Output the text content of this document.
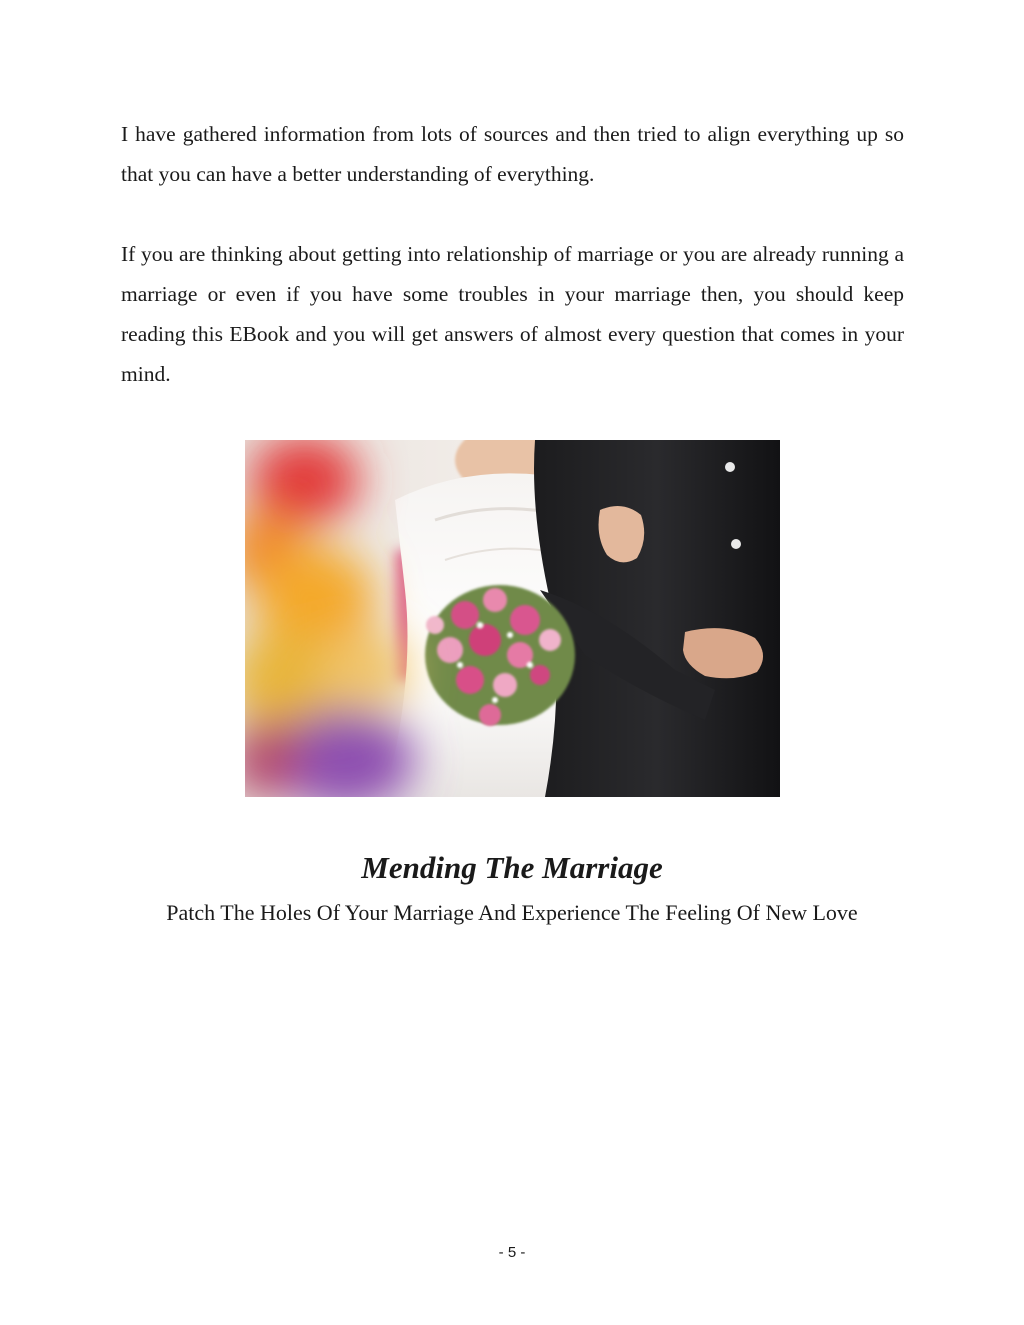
I have gathered information from lots of sources and then tried to align everything up so that you can have a better understanding of everything.

If you are thinking about getting into relationship of marriage or you are already running a marriage or even if you have some troubles in your marriage then, you should keep reading this EBook and you will get answers of almost every question that comes in your mind.

Mending The Marriage

Patch The Holes Of Your Marriage And Experience The Feeling Of New Love

- 5 -
